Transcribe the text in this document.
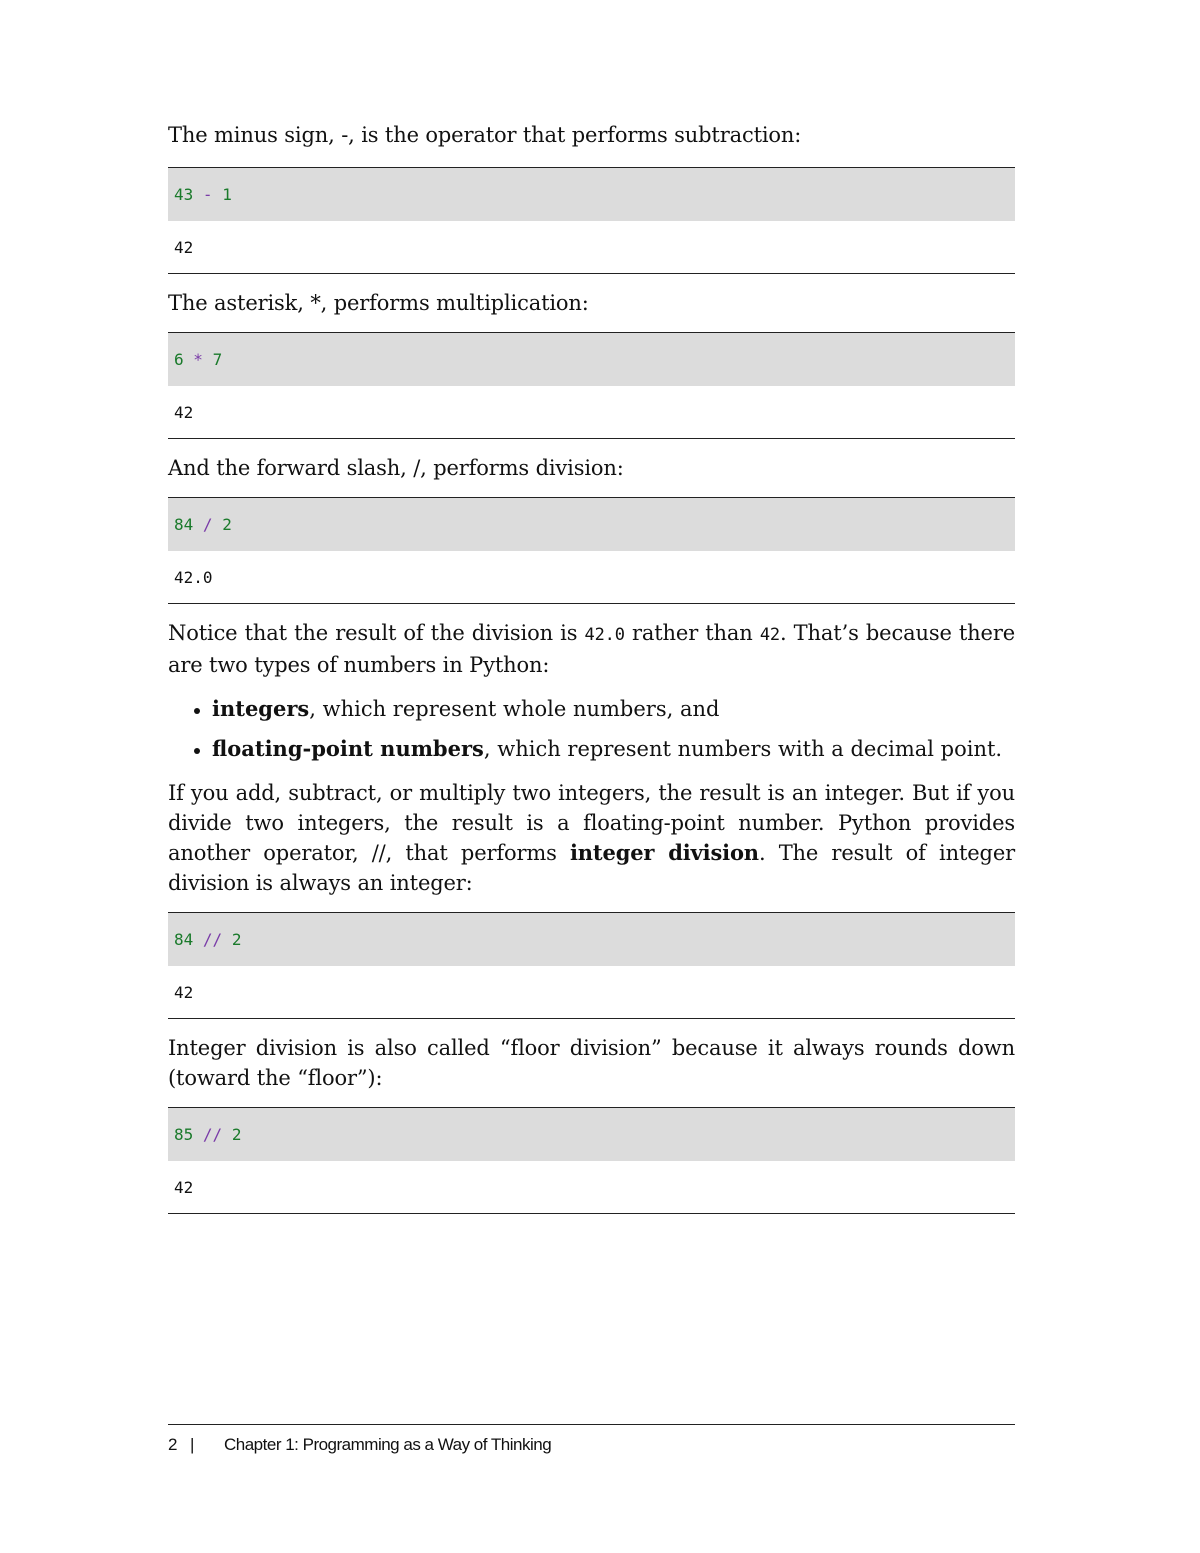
The minus sign, -, is the operator that performs subtraction:

43
-
1
42

The asterisk, *, performs multiplication:

6
*
7
42

And the forward slash, /, performs division:

84
/
2
42.0

Notice that the result of the division is 42.0 rather than 42. That’s because there are two types of numbers in Python:

integers, which represent whole numbers, and
floating-point numbers, which represent numbers with a decimal point.

If you add, subtract, or multiply two integers, the result is an integer. But if you divide two integers, the result is a floating-point number. Python provides another operator, //, that performs integer division. The result of integer division is always an integer:

84
//
2
42

Integer division is also called “floor division” because it always rounds down (toward the “floor”):

85
//
2
42
2 |	Chapter 1: Programming as a Way of Thinking
